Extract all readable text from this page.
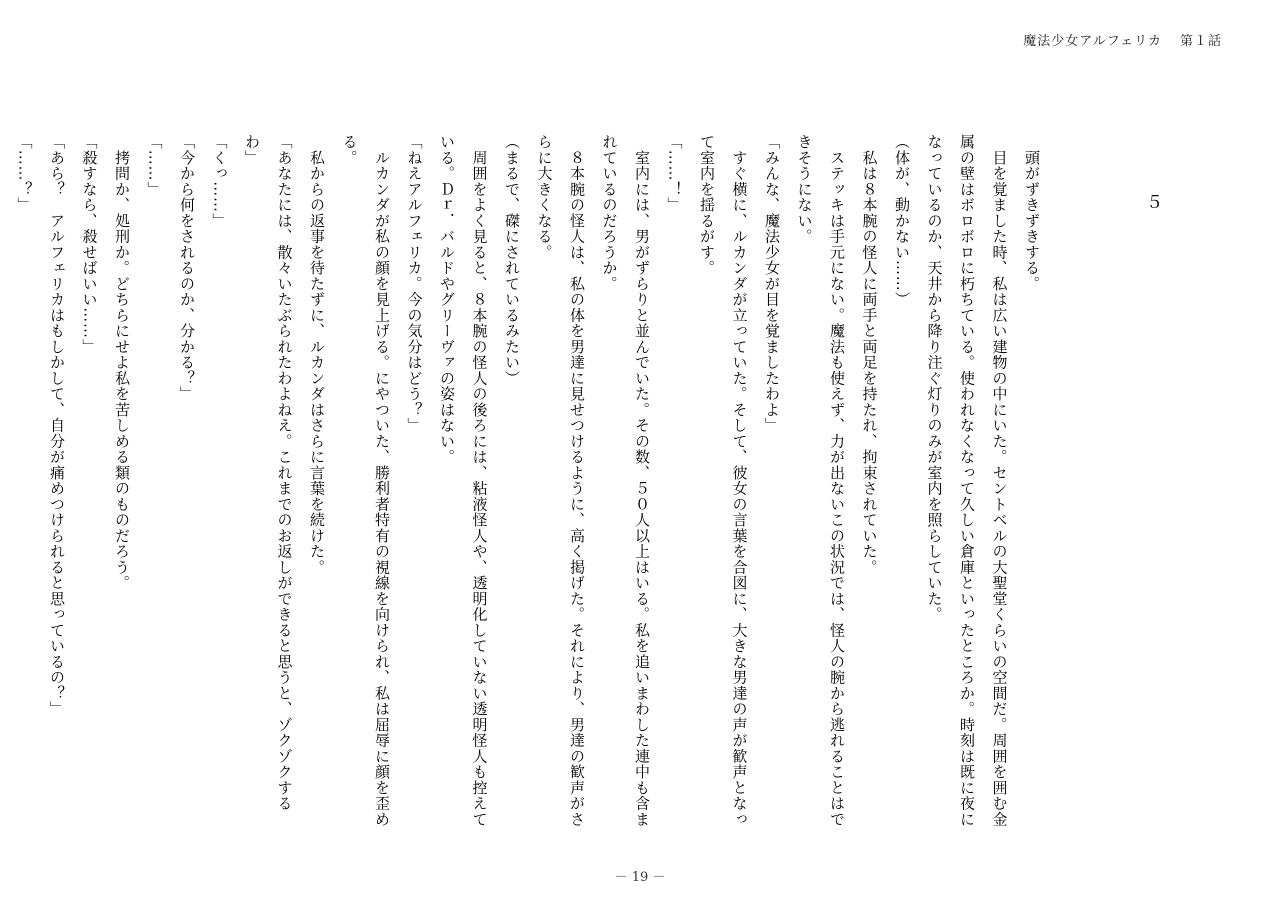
魔法少女アルフェリカ 第１話
５

　頭がずきずきする。

　目を覚ました時、私は広い建物の中にいた。セントベルの大聖堂くらいの空間だ。周囲を囲む金属の壁はボロボロに朽ちている。使われなくなって久しい倉庫といったところか。時刻は既に夜になっているのか、天井から降り注ぐ灯りのみが室内を照らしていた。

（体が、動かない……）

　私は８本腕の怪人に両手と両足を持たれ、拘束されていた。

　ステッキは手元にない。魔法も使えず、力が出ないこの状況では、怪人の腕から逃れることはできそうにない。

「みんな、魔法少女が目を覚ましたわよ」

　すぐ横に、ルカンダが立っていた。そして、彼女の言葉を合図に、大きな男達の声が歓声となって室内を揺るがす。

「……！」

　室内には、男がずらりと並んでいた。その数、５０人以上はいる。私を追いまわした連中も含まれているのだろうか。

　８本腕の怪人は、私の体を男達に見せつけるように、高く掲げた。それにより、男達の歓声がさらに大きくなる。

（まるで、磔にされているみたい）

　周囲をよく見ると、８本腕の怪人の後ろには、粘液怪人や、透明化していない透明怪人も控えている。Ｄｒ．バルドやグリーヴァの姿はない。

「ねえアルフェリカ。今の気分はどう？」

　ルカンダが私の顔を見上げる。にやついた、勝利者特有の視線を向けられ、私は屈辱に顔を歪める。

　私からの返事を待たずに、ルカンダはさらに言葉を続けた。

「あなたには、散々いたぶられたわよねえ。これまでのお返しができると思うと、ゾクゾクするわ」

「くっ……」

「今から何をされるのか、分かる？」

「……」

　拷問か、処刑か。どちらにせよ私を苦しめる類のものだろう。

「殺すなら、殺せばいい……」

「あら？　アルフェリカはもしかして、自分が痛めつけられると思っているの？」

「……？」

－ 19 －
